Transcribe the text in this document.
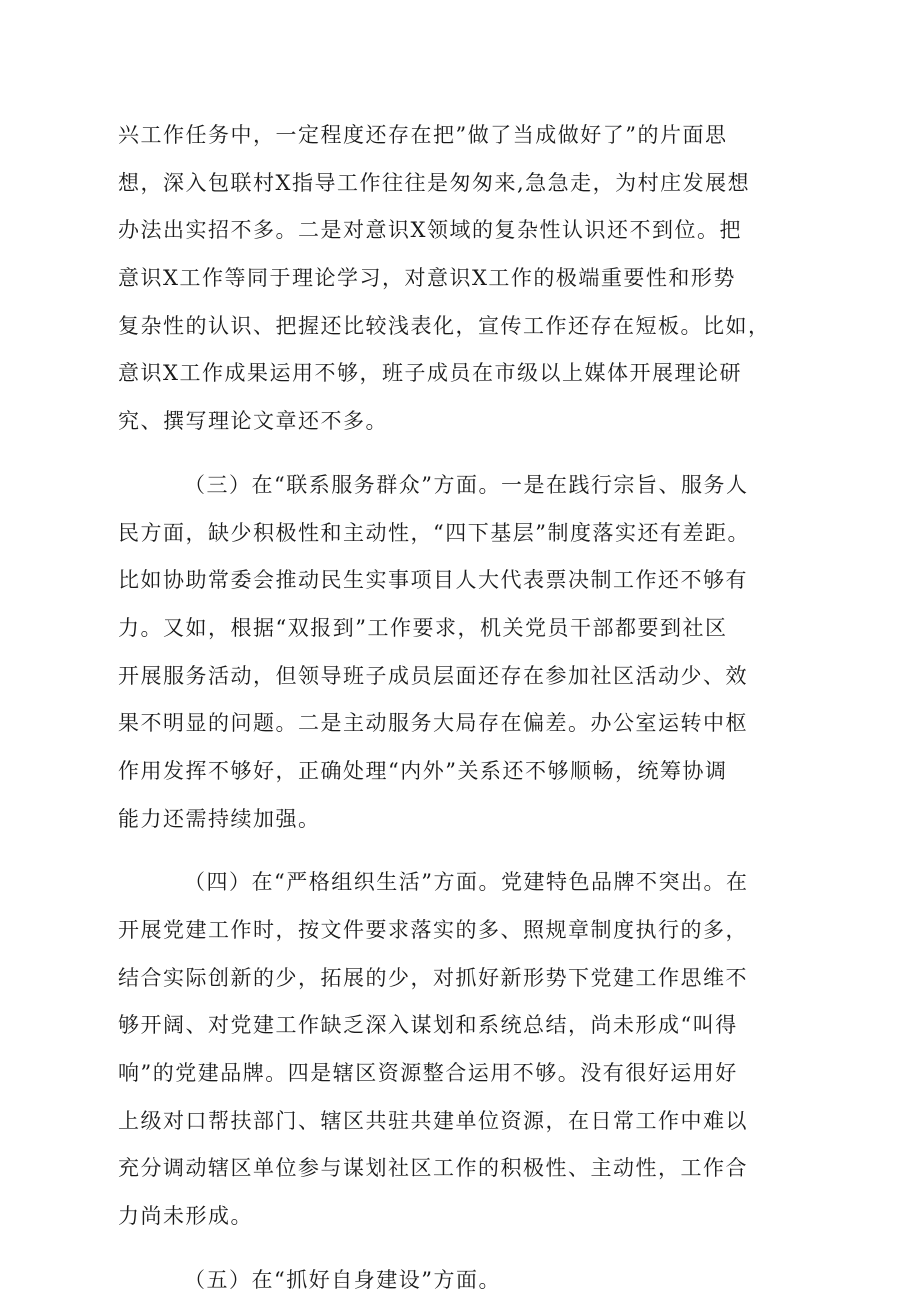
兴工作任务中，一定程度还存在把”做了当成做好了”的片面思
想，深入包联村X指导工作往往是匆匆来,急急走，为村庄发展想
办法出实招不多。二是对意识X领域的复杂性认识还不到位。把
意识X工作等同于理论学习，对意识X工作的极端重要性和形势
复杂性的认识、把握还比较浅表化，宣传工作还存在短板。比如，
意识X工作成果运用不够，班子成员在市级以上媒体开展理论研
究、撰写理论文章还不多。
（三）在“联系服务群众”方面。一是在践行宗旨、服务人
民方面，缺少积极性和主动性，“四下基层”制度落实还有差距。
比如协助常委会推动民生实事项目人大代表票决制工作还不够有
力。又如，根据“双报到”工作要求，机关党员干部都要到社区
开展服务活动，但领导班子成员层面还存在参加社区活动少、效
果不明显的问题。二是主动服务大局存在偏差。办公室运转中枢
作用发挥不够好，正确处理“内外”关系还不够顺畅，统筹协调
能力还需持续加强。
（四）在“严格组织生活”方面。党建特色品牌不突出。在
开展党建工作时，按文件要求落实的多、照规章制度执行的多，
结合实际创新的少，拓展的少，对抓好新形势下党建工作思维不
够开阔、对党建工作缺乏深入谋划和系统总结，尚未形成“叫得
响”的党建品牌。四是辖区资源整合运用不够。没有很好运用好
上级对口帮扶部门、辖区共驻共建单位资源，在日常工作中难以
充分调动辖区单位参与谋划社区工作的积极性、主动性，工作合
力尚未形成。
（五）在“抓好自身建设”方面。
